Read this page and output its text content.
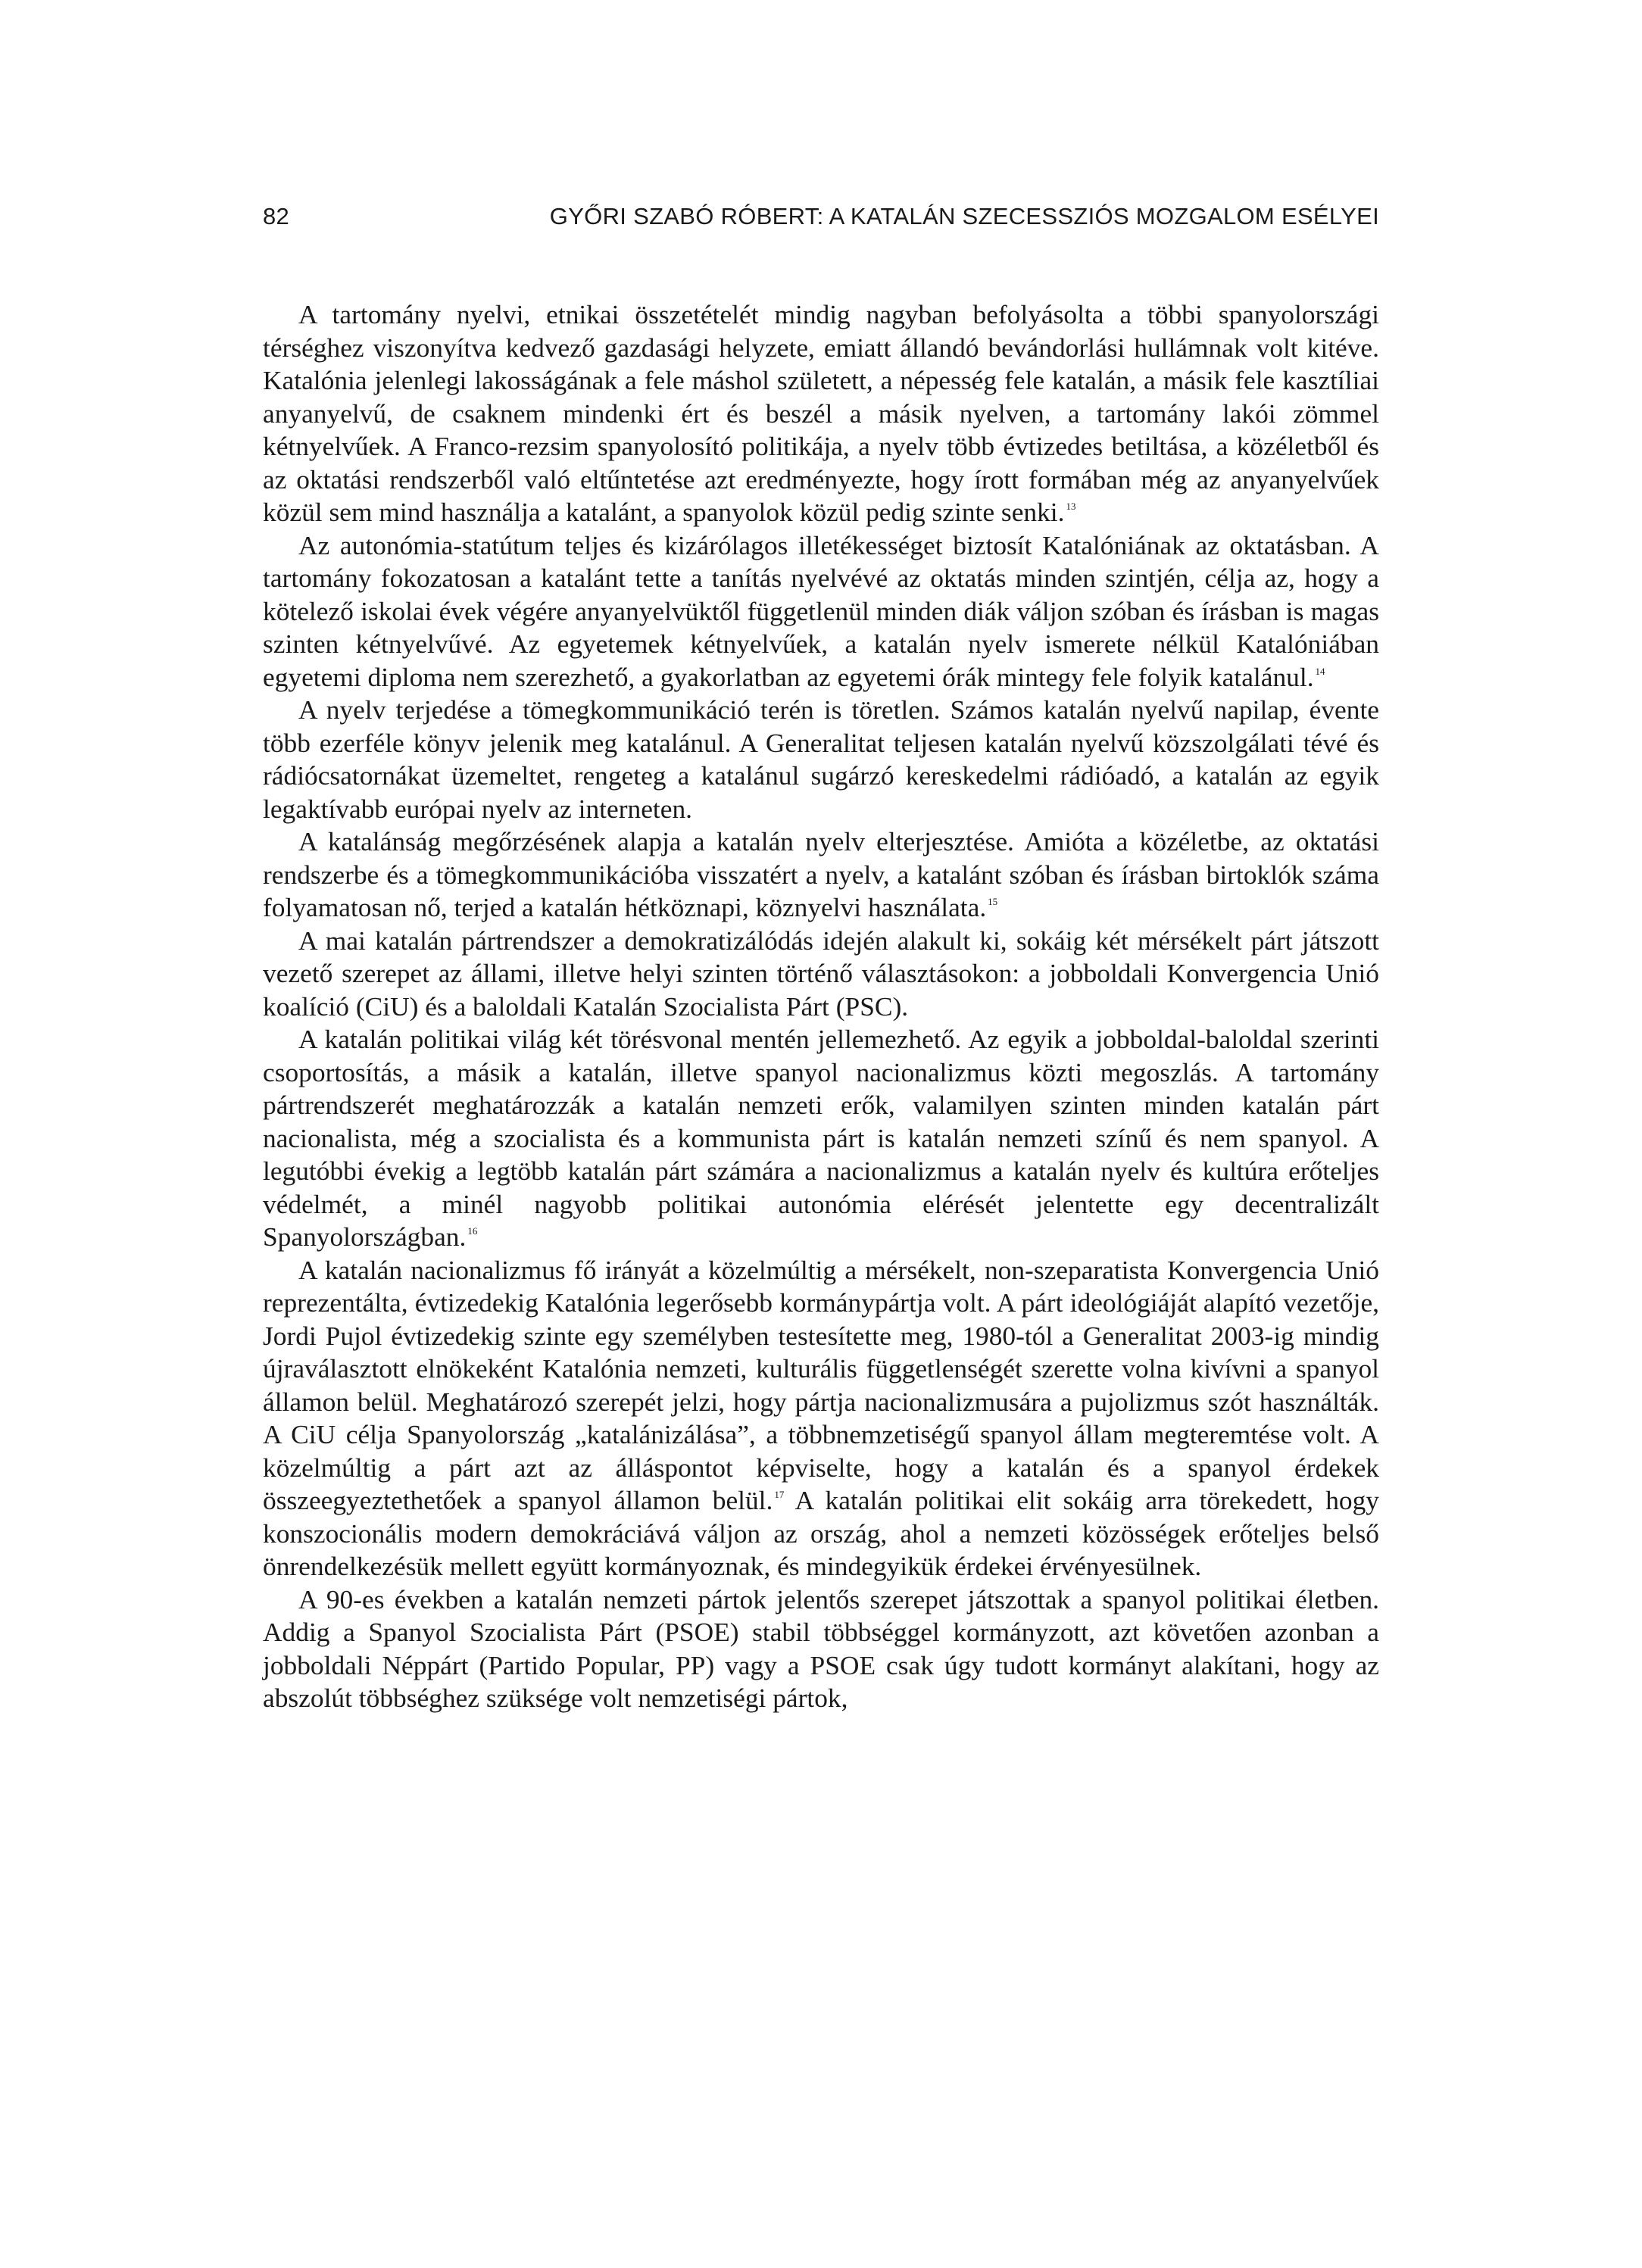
82	GYŐRI SZABÓ RÓBERT: A KATALÁN SZECESSZIÓS MOZGALOM ESÉLYEI

A tartomány nyelvi, etnikai összetételét mindig nagyban befolyásolta a többi spanyolországi térséghez viszonyítva kedvező gazdasági helyzete, emiatt állandó bevándorlási hullámnak volt kitéve. Katalónia jelenlegi lakosságának a fele máshol született, a népesség fele katalán, a másik fele kasztíliai anyanyelvű, de csaknem mindenki ért és beszél a másik nyelven, a tartomány lakói zömmel kétnyelvűek. A Franco-rezsim spanyolosító politikája, a nyelv több évtizedes betiltása, a közéletből és az oktatási rendszerből való eltűntetése azt eredményezte, hogy írott formában még az anyanyelvűek közül sem mind használja a katalánt, a spanyolok közül pedig szinte senki. $^{13}$

Az autonómia-statútum teljes és kizárólagos illetékességet biztosít Katalóniának az oktatásban. A tartomány fokozatosan a katalánt tette a tanítás nyelvévé az oktatás minden szintjén, célja az, hogy a kötelező iskolai évek végére anyanyelvüktől függetlenül minden diák váljon szóban és írásban is magas szinten kétnyelvűvé. Az egyetemek kétnyelvűek, a katalán nyelv ismerete nélkül Katalóniában egyetemi diploma nem szerezhető, a gyakorlatban az egyetemi órák mintegy fele folyik katalánul. $^{14}$

A nyelv terjedése a tömegkommunikáció terén is töretlen. Számos katalán nyelvű napilap, évente több ezerféle könyv jelenik meg katalánul. A Generalitat teljesen katalán nyelvű közszolgálati tévé és rádiócsatornákat üzemeltet, rengeteg a katalánul sugárzó kereskedelmi rádióadó, a katalán az egyik legaktívabb európai nyelv az interneten.

A katalánság megőrzésének alapja a katalán nyelv elterjesztése. Amióta a közéletbe, az oktatási rendszerbe és a tömegkommunikációba visszatért a nyelv, a katalánt szóban és írásban birtoklók száma folyamatosan nő, terjed a katalán hétköznapi, köznyelvi használata. $^{15}$

A mai katalán pártrendszer a demokratizálódás idején alakult ki, sokáig két mérsékelt párt játszott vezető szerepet az állami, illetve helyi szinten történő választásokon: a jobboldali Konvergencia Unió koalíció (CiU) és a baloldali Katalán Szocialista Párt (PSC).

A katalán politikai világ két törésvonal mentén jellemezhető. Az egyik a jobboldal-baloldal szerinti csoportosítás, a másik a katalán, illetve spanyol nacionalizmus közti megoszlás. A tartomány pártrendszerét meghatározzák a katalán nemzeti erők, valamilyen szinten minden katalán párt nacionalista, még a szocialista és a kommunista párt is katalán nemzeti színű és nem spanyol. A legutóbbi évekig a legtöbb katalán párt számára a nacionalizmus a katalán nyelv és kultúra erőteljes védelmét, a minél nagyobb politikai autonómia elérését jelentette egy decentralizált Spanyolországban. $^{16}$

A katalán nacionalizmus fő irányát a közelmúltig a mérsékelt, non-szeparatista Konvergencia Unió reprezentálta, évtizedekig Katalónia legerősebb kormánypártja volt. A párt ideológiáját alapító vezetője, Jordi Pujol évtizedekig szinte egy személyben testesítette meg, 1980-tól a Generalitat 2003-ig mindig újraválasztott elnökeként Katalónia nemzeti, kulturális függetlenségét szerette volna kivívni a spanyol államon belül. Meghatározó szerepét jelzi, hogy pártja nacionalizmusára a pujolizmus szót használták. A CiU célja Spanyolország „katalánizálása”, a többnemzetiségű spanyol állam megteremtése volt. A közelmúltig a párt azt az álláspontot képviselte, hogy a katalán és a spanyol érdekek összeegyeztethetőek a spanyol államon belül. $^{17}$ A katalán politikai elit sokáig arra törekedett, hogy konszocionális modern demokráciává váljon az ország, ahol a nemzeti közösségek erőteljes belső önrendelkezésük mellett együtt kormányoznak, és mindegyikük érdekei érvényesülnek.

A 90-es években a katalán nemzeti pártok jelentős szerepet játszottak a spanyol politikai életben. Addig a Spanyol Szocialista Párt (PSOE) stabil többséggel kormányzott, azt követően azonban a jobboldali Néppárt (Partido Popular, PP) vagy a PSOE csak úgy tudott kormányt alakítani, hogy az abszolút többséghez szüksége volt nemzetiségi pártok,
